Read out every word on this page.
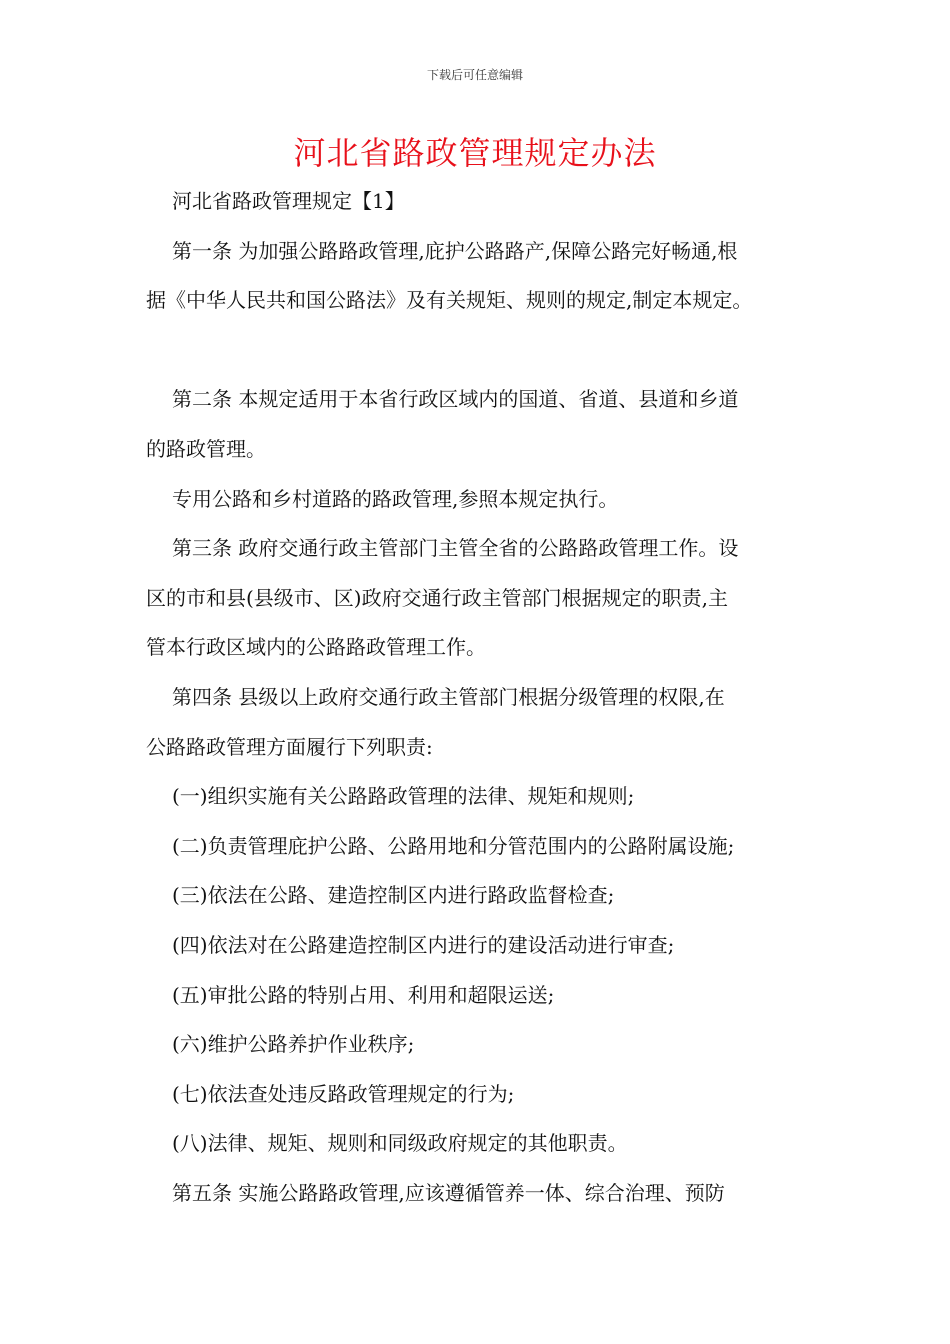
下载后可任意编辑
河北省路政管理规定办法
河北省路政管理规定【1】
第一条 为加强公路路政管理,庇护公路路产,保障公路完好畅通,根
据《中华人民共和国公路法》及有关规矩、规则的规定,制定本规定。
第二条 本规定适用于本省行政区域内的国道、省道、县道和乡道
的路政管理。
专用公路和乡村道路的路政管理,参照本规定执行。
第三条 政府交通行政主管部门主管全省的公路路政管理工作。设
区的市和县(县级市、区)政府交通行政主管部门根据规定的职责,主
管本行政区域内的公路路政管理工作。
第四条 县级以上政府交通行政主管部门根据分级管理的权限,在
公路路政管理方面履行下列职责:
(一)组织实施有关公路路政管理的法律、规矩和规则;
(二)负责管理庇护公路、公路用地和分管范围内的公路附属设施;
(三)依法在公路、建造控制区内进行路政监督检查;
(四)依法对在公路建造控制区内进行的建设活动进行审查;
(五)审批公路的特别占用、利用和超限运送;
(六)维护公路养护作业秩序;
(七)依法查处违反路政管理规定的行为;
(八)法律、规矩、规则和同级政府规定的其他职责。
第五条 实施公路路政管理,应该遵循管养一体、综合治理、预防
